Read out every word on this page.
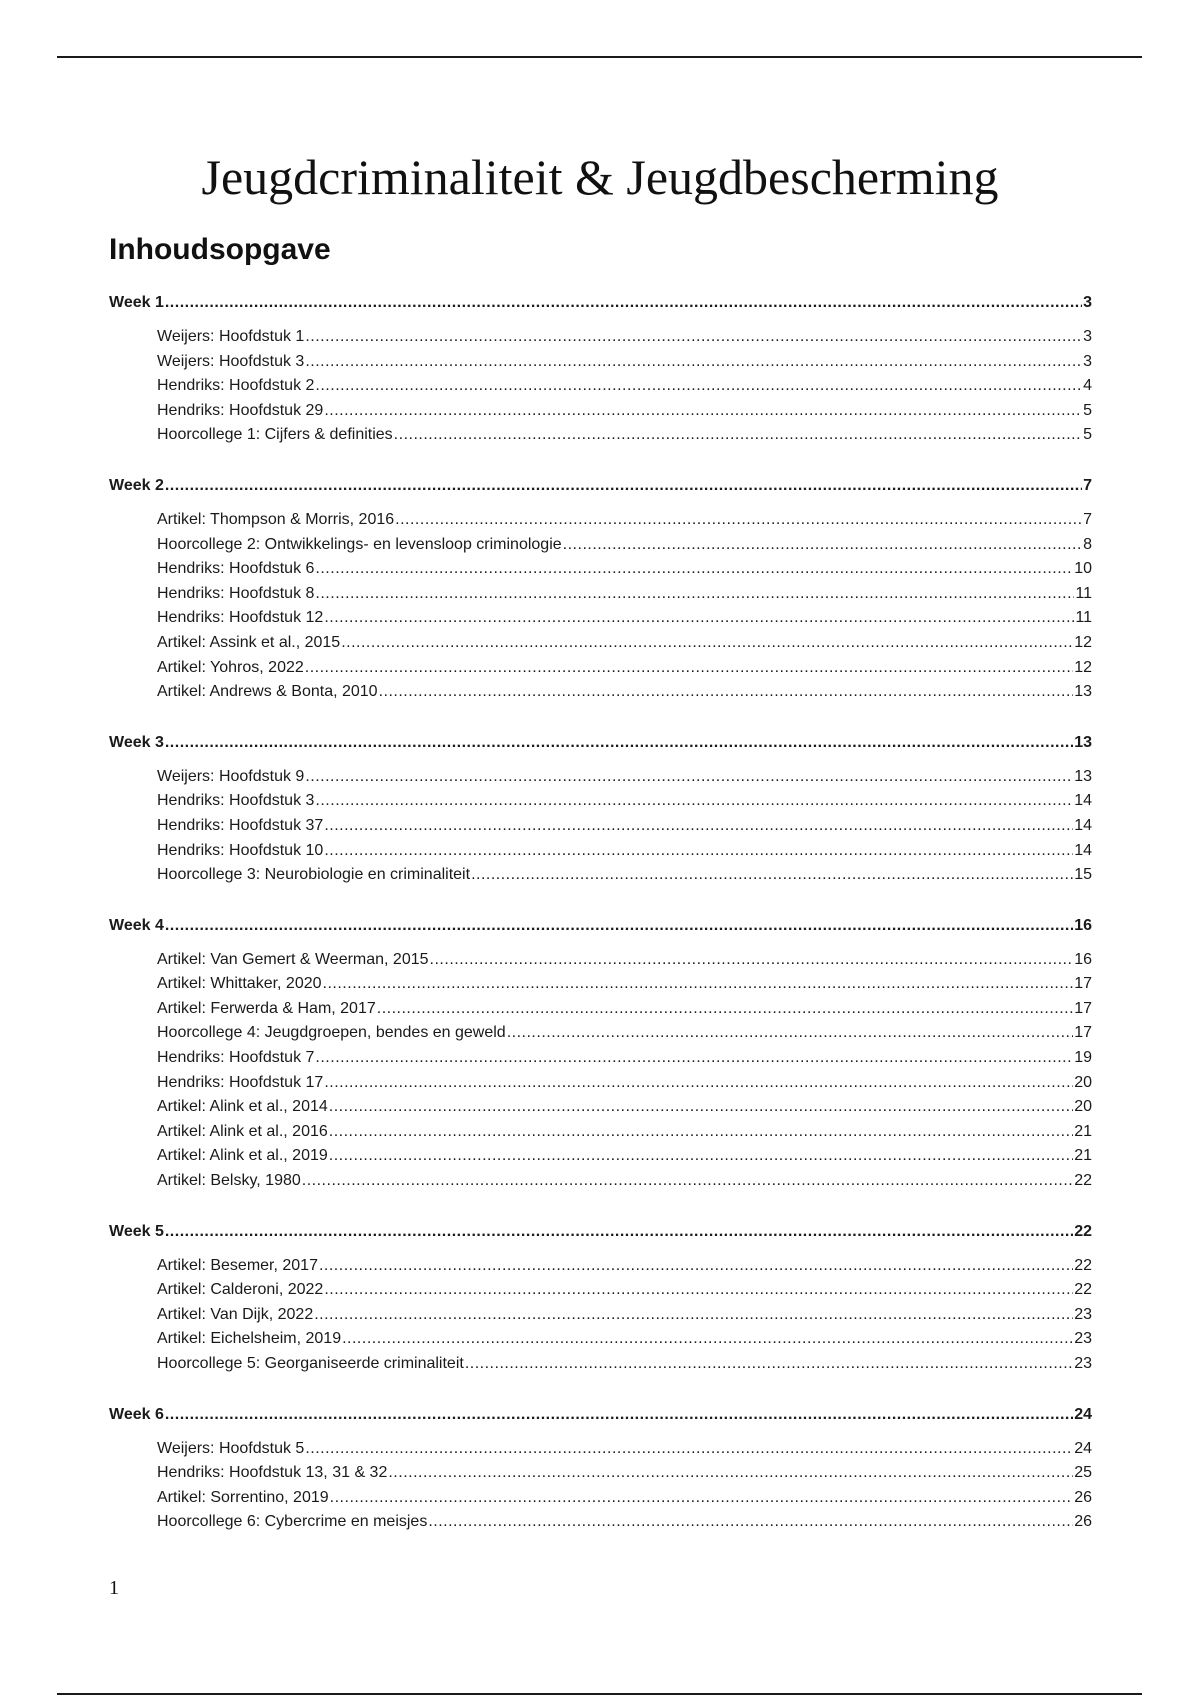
Jeugdcriminaliteit & Jeugdbescherming
Inhoudsopgave
Week 1 .....	3
Weijers: Hoofdstuk 1 .....	3
Weijers: Hoofdstuk 3 .....	3
Hendriks: Hoofdstuk 2 .....	4
Hendriks: Hoofdstuk 29 .....	5
Hoorcollege 1: Cijfers & definities .....	5
Week 2 .....	7
Artikel: Thompson & Morris, 2016 .....	7
Hoorcollege 2: Ontwikkelings- en levensloop criminologie .....	8
Hendriks: Hoofdstuk 6 .....	10
Hendriks: Hoofdstuk 8 .....	11
Hendriks: Hoofdstuk 12 .....	11
Artikel: Assink et al., 2015 .....	12
Artikel: Yohros, 2022 .....	12
Artikel: Andrews & Bonta, 2010 .....	13
Week 3 .....	13
Weijers: Hoofdstuk 9 .....	13
Hendriks: Hoofdstuk 3 .....	14
Hendriks: Hoofdstuk 37 .....	14
Hendriks: Hoofdstuk 10 .....	14
Hoorcollege 3: Neurobiologie en criminaliteit .....	15
Week 4 .....	16
Artikel: Van Gemert & Weerman, 2015 .....	16
Artikel: Whittaker, 2020 .....	17
Artikel: Ferwerda & Ham, 2017 .....	17
Hoorcollege 4: Jeugdgroepen, bendes en geweld .....	17
Hendriks: Hoofdstuk 7 .....	19
Hendriks: Hoofdstuk 17 .....	20
Artikel: Alink et al., 2014 .....	20
Artikel: Alink et al., 2016 .....	21
Artikel: Alink et al., 2019 .....	21
Artikel: Belsky, 1980 .....	22
Week 5 .....	22
Artikel: Besemer, 2017 .....	22
Artikel: Calderoni, 2022 .....	22
Artikel: Van Dijk, 2022 .....	23
Artikel: Eichelsheim, 2019 .....	23
Hoorcollege 5: Georganiseerde criminaliteit .....	23
Week 6 .....	24
Weijers: Hoofdstuk 5 .....	24
Hendriks: Hoofdstuk 13, 31 & 32 .....	25
Artikel: Sorrentino, 2019 .....	26
Hoorcollege 6: Cybercrime en meisjes .....	26
1
